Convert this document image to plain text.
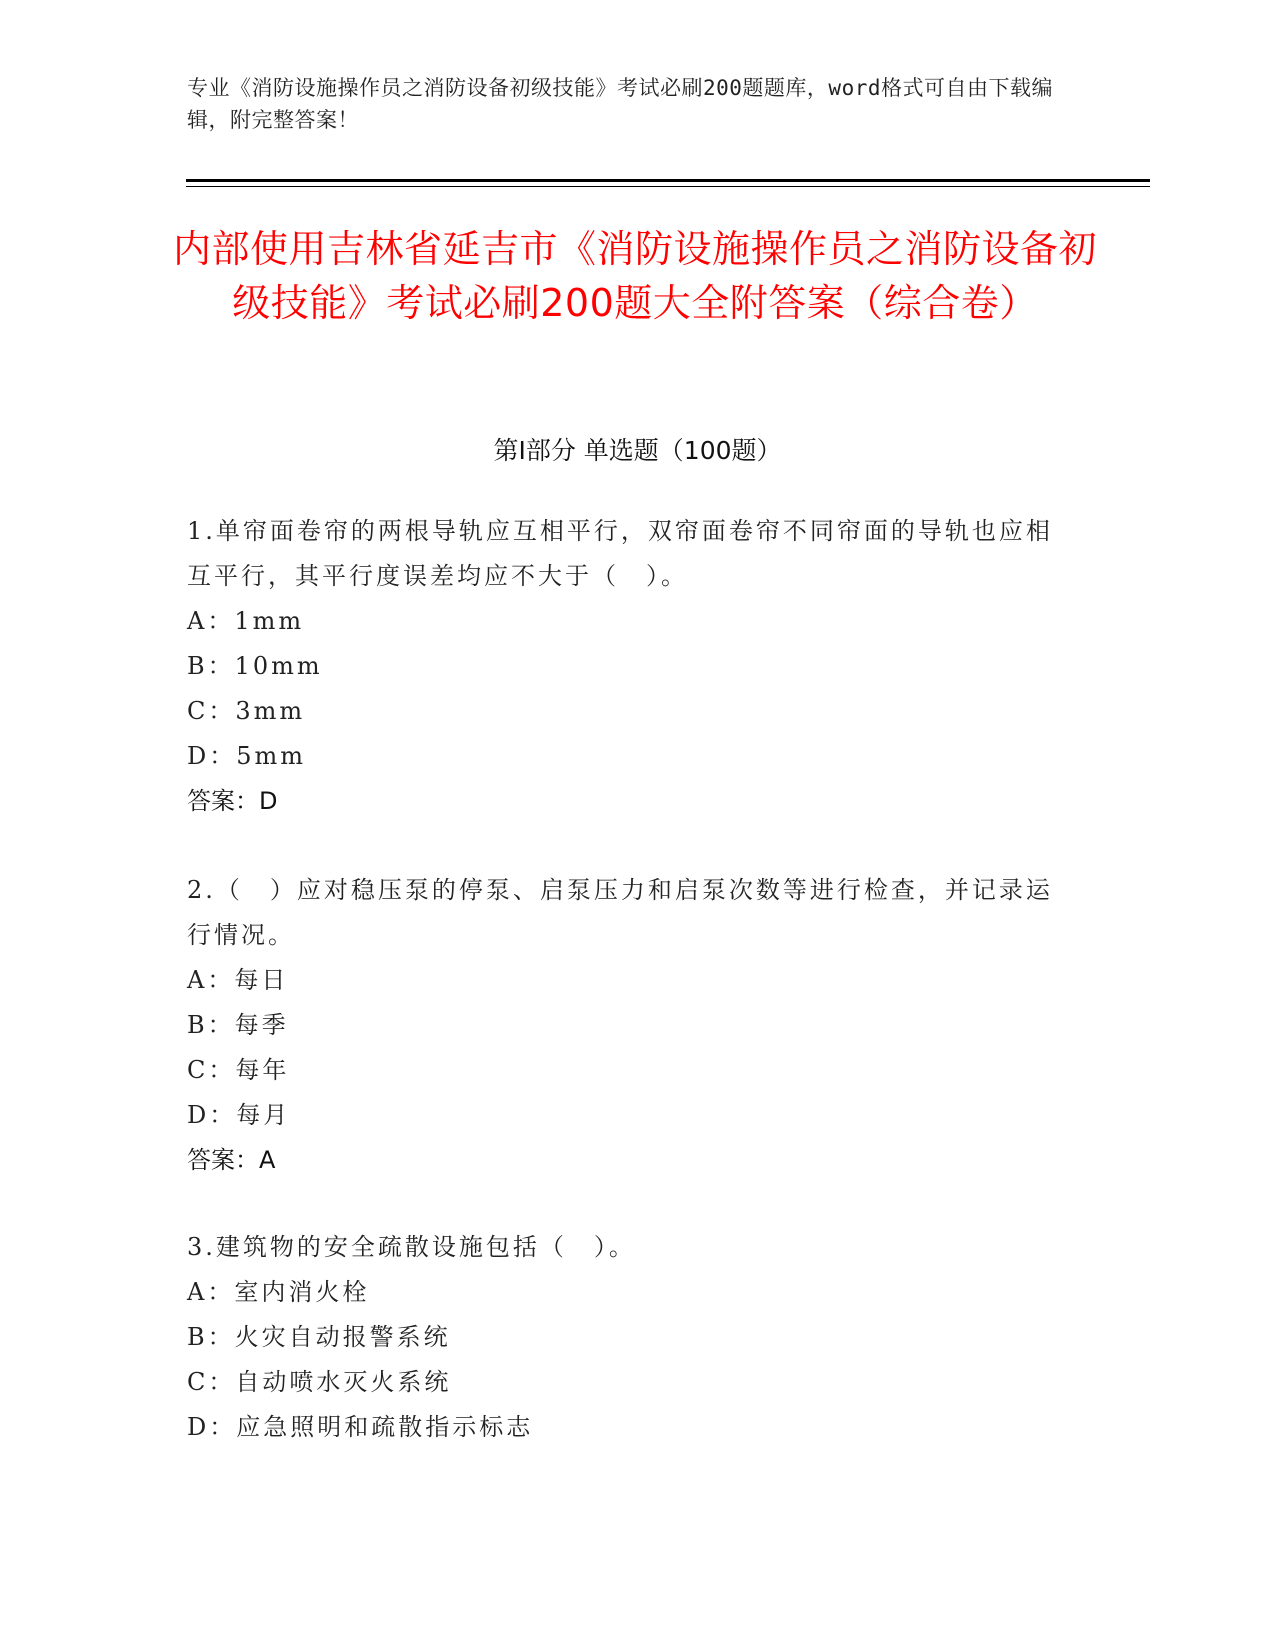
专业《消防设施操作员之消防设备初级技能》考试必刷200题题库，word格式可自由下载编辑，附完整答案！
内部使用吉林省延吉市《消防设施操作员之消防设备初级技能》考试必刷200题大全附答案（综合卷）
第I部分 单选题（100题）
1.单帘面卷帘的两根导轨应互相平行，双帘面卷帘不同帘面的导轨也应相互平行，其平行度误差均应不大于（　）。
A：1mm
B：10mm
C：3mm
D：5mm
答案：D
2.（　）应对稳压泵的停泵、启泵压力和启泵次数等进行检查，并记录运行情况。
A：每日
B：每季
C：每年
D：每月
答案：A
3.建筑物的安全疏散设施包括（　）。
A：室内消火栓
B：火灾自动报警系统
C：自动喷水灭火系统
D：应急照明和疏散指示标志
